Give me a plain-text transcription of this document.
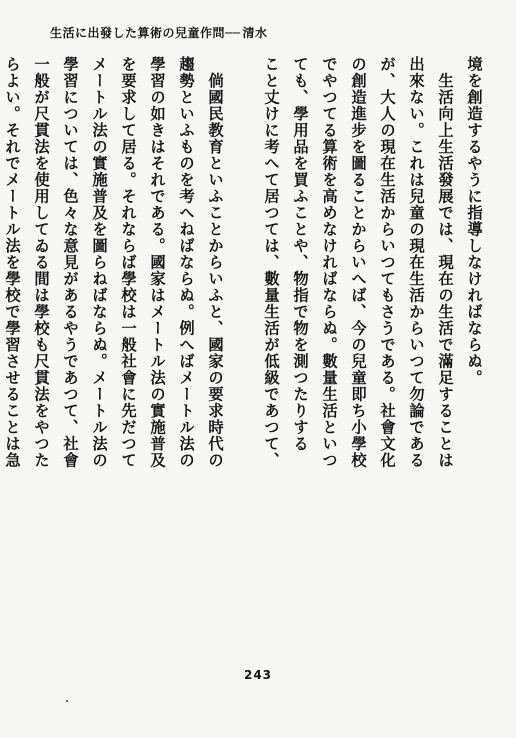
生活に出發した算術の兒童作問── 清水
境を創造するやうに指導しなければならぬ。
　生活向上生活發展では、現在の生活で滿足することは
出來ない。これは兒童の現在生活からいつて勿論である
が、大人の現在生活からいつてもさうである。社會文化
の創造進步を圖ることからいへば、今の兒童即ち小學校
でやつてる算術を高めなければならぬ。數量生活といつ
ても、學用品を買ふことや、物指で物を測つたりする
こと丈けに考へて居つては、數量生活が低級であつて、
　倘國民教育といふことからいふと、國家の要求時代の
趨勢といふものを考へねばならぬ。例へばメートル法の
學習の如きはそれである。國家はメートル法の實施普及
を要求して居る。それならば學校は一般社會に先だつて
メートル法の實施普及を圖らねばならぬ。メートル法の
學習については、色々な意見があるやうであつて、社會
一般が尺貫法を使用してゐる間は學校も尺貫法をやつた
らよい。それでメートル法を學校で學習させることは急
243
